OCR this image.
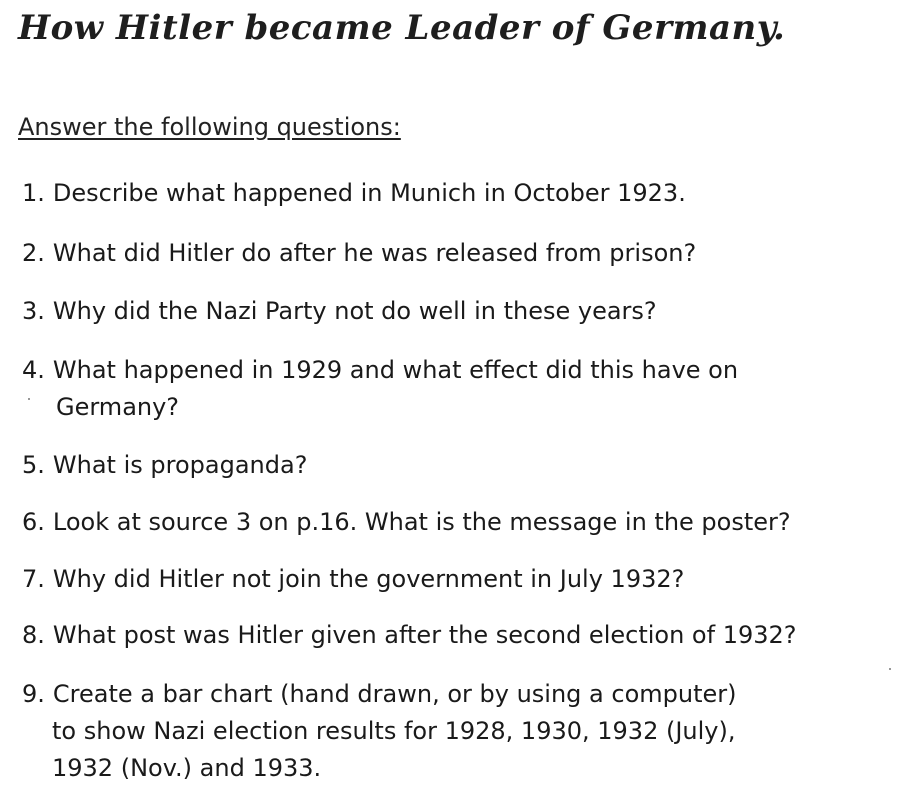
How Hitler became Leader of Germany.
Answer the following questions:
1. Describe what happened in Munich in October 1923.
2. What did Hitler do after he was released from prison?
3. Why did the Nazi Party not do well in these years?
4. What happened in 1929 and what effect did this have on
Germany?
5. What is propaganda?
6. Look at source 3 on p.16. What is the message in the poster?
7. Why did Hitler not join the government in July 1932?
8. What post was Hitler given after the second election of 1932?
9. Create a bar chart (hand drawn, or by using a computer)
to show Nazi election results for 1928, 1930, 1932 (July),
1932 (Nov.) and 1933.
